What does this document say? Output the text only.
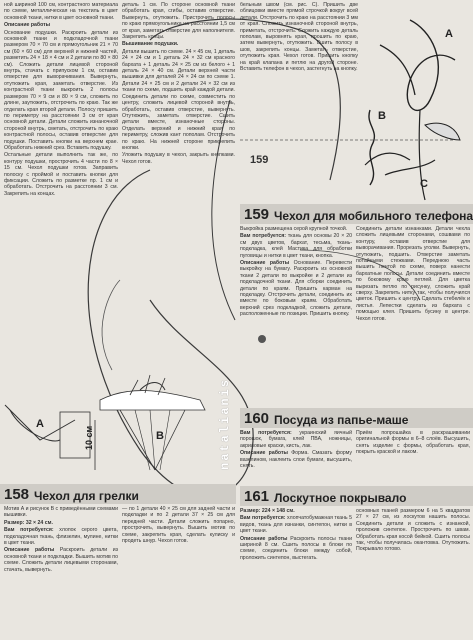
ной шириной 100 см, контрастного материала по схеме, металлическая на текстиль в цвет основной ткани, нитки в цвет основной ткани.

Описание работы

Основание подушки. Раскроить детали из основной ткани и подкладочной ткани размером 70 × 70 см и прямоугольник 21 × 70 см (60 × 60 см) для верхней и нижней частей, разметить 24 × 18 × 4 см и 2 детали по 80 × 80 см). Сложить детали лицевой стороной внутрь, стачать с припуском 1 см, оставив отверстие для выворачивания. Вывернуть, отутюжить края, заметать отверстие. Из контрастной ткани выкроить 2 полосы размером 70 × 9 см и 80 × 9 см, сложить по длине, заутюжить, отстрочить по краю. Так же отделать края второй детали. Полосу пришить по периметру на расстоянии 3 см от края основной детали. Детали сложить изнаночной стороной внутрь, сметать, отстрочить по краю контрастной полосы, оставив отверстие для подушки. Поставить кнопки на верхнем крае. Обработать нижний срез. Вставить подушку.

Остальные детали выполнить так же, по контуру подушки, прострочить 4 части по 8 × 15 см. Чехол подушки готов. Заправить полоску с проймой и поставить кнопки для фиксации. Сложить по разметке пр. 1 см и обработать. Отстрочить на расстоянии 3 см. Закрепить на концах.

деталь 1 см. По стороне основной ткани обработать края, сгибы, оставив отверстие. Вывернуть, отутюжить. Пристрочить полосы по краю прямоугольника на расстоянии 1,5 см от края, заметать отверстие для наполнителя. Закрепить концы.

Вышивание подушки.

Детали вышить по схеме. 24 × 45 см, 1 деталь 24 × 24 см и 1 деталь 24 × 32 см красного бархата + 1 деталь 24 × 25 см из белого + 1 деталь 24 × 40 см. Детали верхней части вышивки для деталей 24 × 24 см по схеме 1. Детали 24 × 25 см и 2 детали 24 × 32 см из ткани по схеме, подшить край каждой детали. Соединить детали по схеме, совместить по центру, сложить лицевой стороной внутрь, обработать, оставив отверстие, вывернуть. Отутюжить, заметать отверстие. Сшить детали вместе, изнаночные стороны. Отделать верхний и нижний края по периметру, сложив кант пополам. Отстрочить по краю. На нижней стороне прикрепить кнопки.

Уложить подушку в чехол, закрыть кнопками. Чехол готов.

бельным швом (см. рис. С). Пришить две облицовки вместе прямой строчкой вокруг всей детали. Отстрочить по краю на расстоянии 3 мм от края. Сложить изнаночной стороной внутрь, приметать, отстрочить. Сложить каждую деталь пополам, выровнять края, прошить по краю, затем вывернуть, отутюжить. Вшить полосу в шов, закрепить концы. Заметать отверстие, отутюжить края. Чехол готов. Пришить кнопку на край клапана и петлю на другой стороне. Вставить телефон в чехол, застегнуть на кнопку.

159
A
B
C
159 Чехол для мобильного телефона

Выкройка размещена серой крупной точкой.

Вам потребуется: ткань для основы 20 × 20 см двух цветов, бархат, тесьма, ткань-подкладка, клей Мастика для обработки пуговицы и нитки в цвет ткани, кнопка.

Описание работы Основание. Перевести выкройку на бумагу. Раскроить из основной ткани 2 детали по выкройке и 2 детали из подкладочной ткани. Для сборки соединить детали по краям. Пришить карман на подкладку. Отстрочить детали, соединить их вместе по боковым краям. Обработать верхний срез подкладкой, сложить детали, расположенные по позиции. Пришить кнопку.

Соединить детали изнанками. Детали чехла сложить лицевыми сторонами, сошвами по контуру, оставив отверстие для выворачивания. Прорезать уголки. Вывернуть, отутюжить, подшить. Отверстие заметать потайными стежками. Переднюю часть вышить лентой по схеме, поверх нанести бархатные полосы. Детали соединить вместе по боковому краю петлей. Для цветка вырезать петлю по рисунку, сложить край сверху. Закрепить нитку так, чтобы получился цветок. Пришить к центру. Сделать стебелёк и листья. Лепестки сделать из бархата с помощью клея. Пришить бусину в центре. Чехол готов.

natalianis 160 Посуда из папье-маше

Вам потребуется: украинский яичный порошок, бумага, клей ПВА, ножницы, акриловые краски, кисть, лак.

Описание работы Форма. Смазать форму вазелином, наклеить слои бумаги, высушить, снять.

Приём попрошайка в раскрашивании оригинальной формы в 6–8 слоёв. Высушить, снять изделие с формы, обработать края, покрыть краской и лаком.

161 Лоскутное покрывало

Размер: 224 × 148 см.

Вам потребуется: хлопчатобумажная ткань 5 видов, ткань для изнанки, синтепон, нитки в цвет ткани.

Описание работы Раскроить полосы ткани шириной 8 см. Сшить полосы в блоки по схеме, соединить блоки между собой, проложить синтепон, выстегать.

основных тканей размером 6 на 5 квадратов 27 × 27 см, из лоскутов нашить полосы. Соединить детали и сложить с изнанкой, проложив синтепон. Прострочить по швам. Обработать края косой бейкой. Сшить полосы так, чтобы получилась окантовка. Отутюжить. Покрывало готово.

A
B
10 см
158 Чехол для грелки

Мотив А и рисунок В с приведёнными схемами вышивки.

Размер: 32 × 24 см.

Вам потребуется: хлопок серого цвета, подкладочная ткань, флизелин, мулине, нитки в цвет ткани.

Описание работы Раскроить детали из основной ткани и подкладки. Вышить мотив по схеме. Сложить детали лицевыми сторонами, стачать, вывернуть.

— по 1 детали 40 × 25 см для задней части и подкладки и по 2 детали 37 × 25 см для передней части. Детали сложить попарно, прострочить, вывернуть. Вышить мотив по схеме, закрепить края, сделать кулиску и продеть шнур. Чехол готов.
